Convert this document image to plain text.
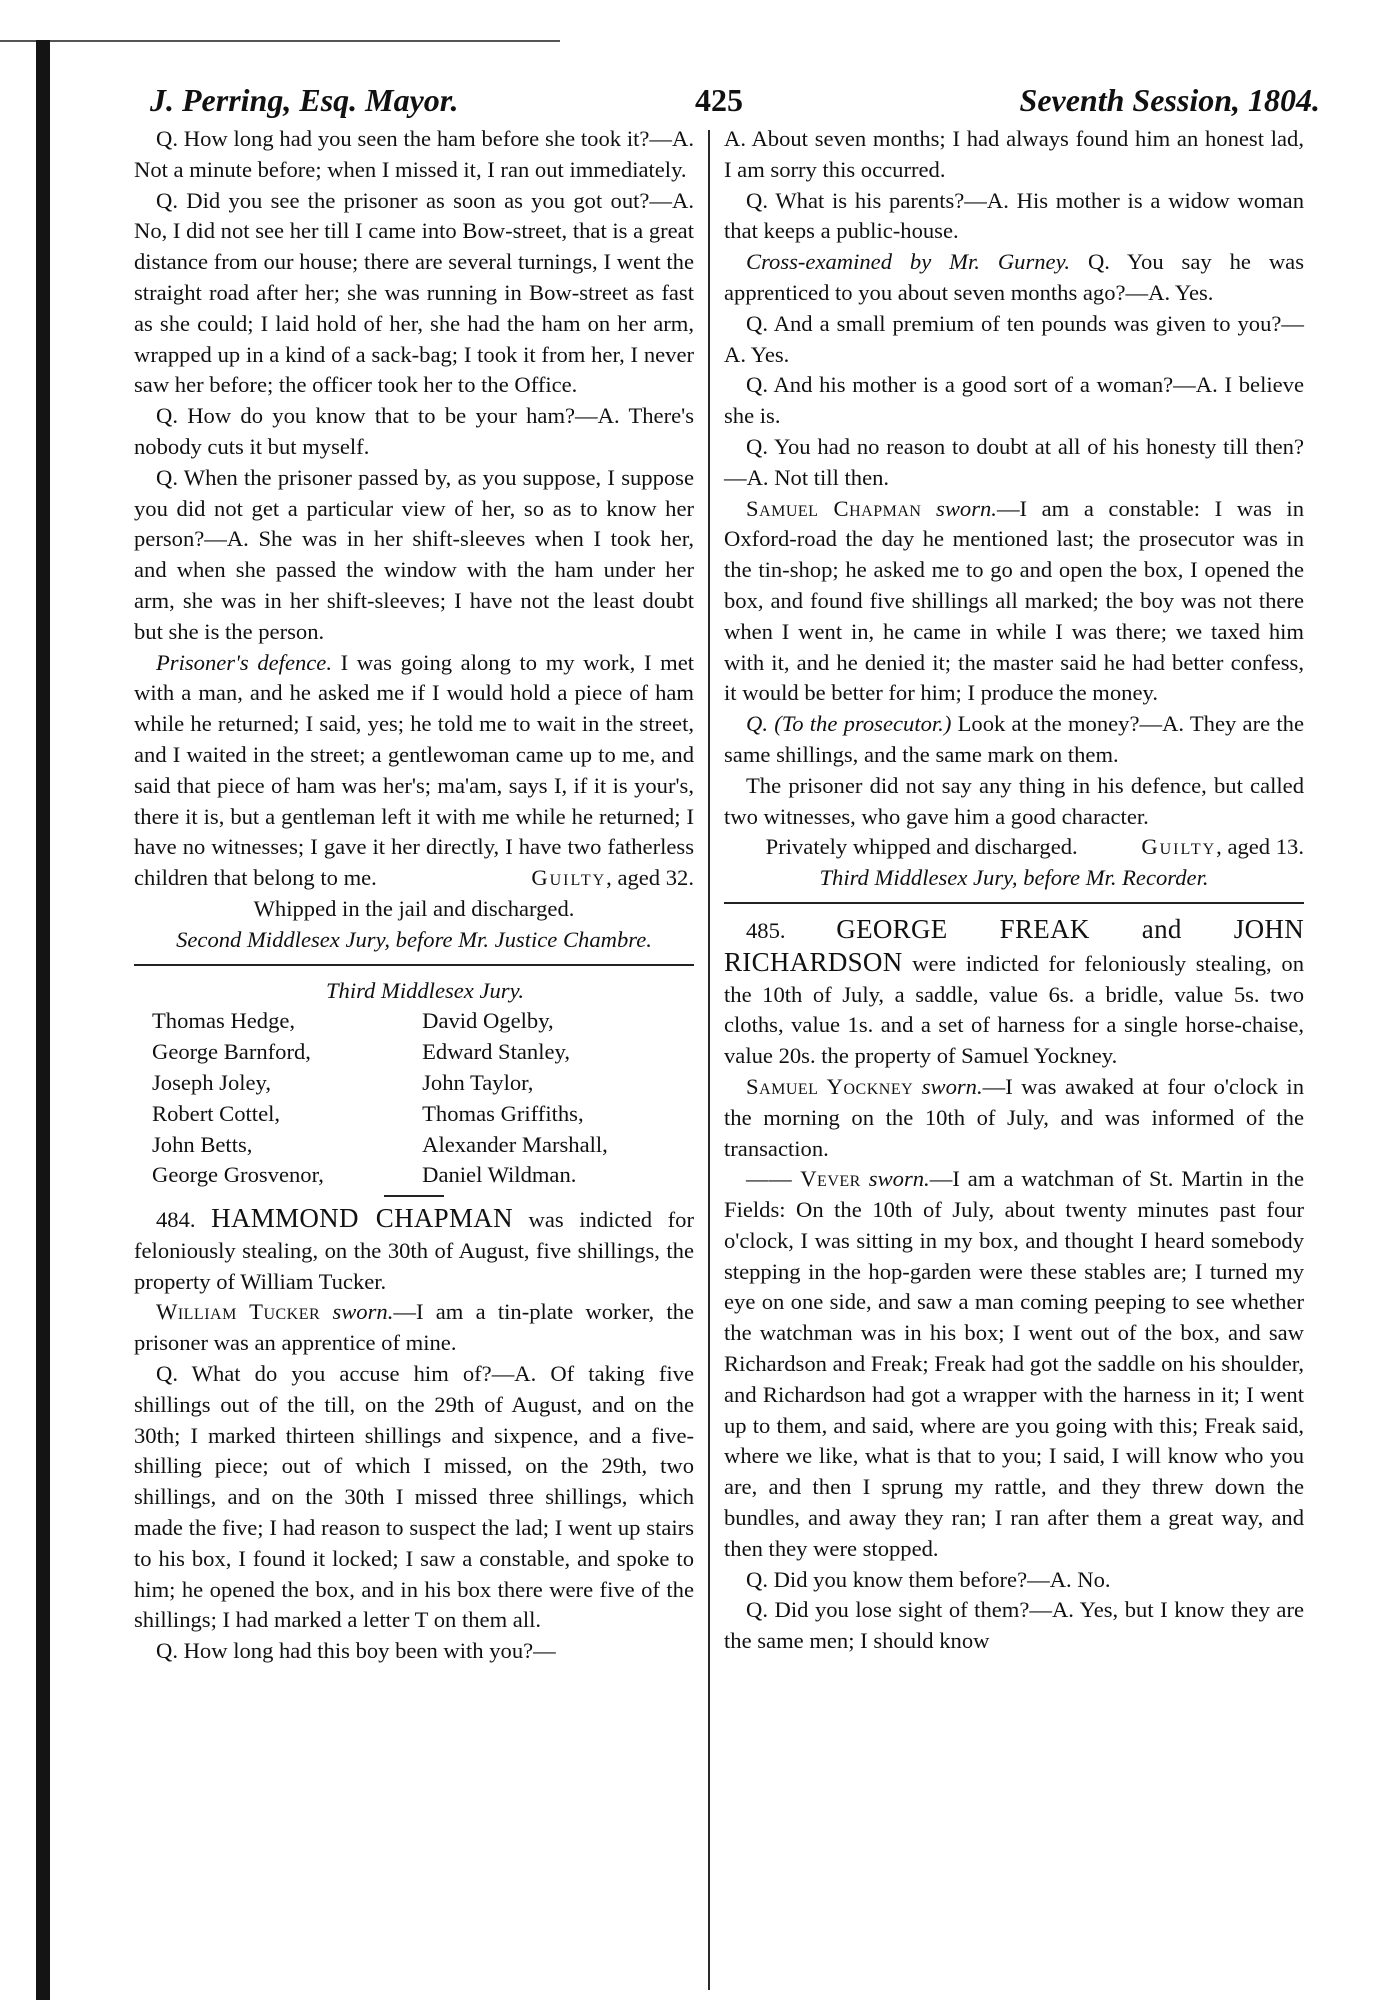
J. Perring, Esq. Mayor.	425	Seventh Session, 1804.

Q. How long had you seen the ham before she took it?—A. Not a minute before; when I missed it, I ran out immediately.

Q. Did you see the prisoner as soon as you got out?—A. No, I did not see her till I came into Bow-street, that is a great distance from our house; there are several turnings, I went the straight road after her; she was running in Bow-street as fast as she could; I laid hold of her, she had the ham on her arm, wrapped up in a kind of a sack-bag; I took it from her, I never saw her before; the officer took her to the Office.

Q. How do you know that to be your ham?—A. There's nobody cuts it but myself.

Q. When the prisoner passed by, as you suppose, I suppose you did not get a particular view of her, so as to know her person?—A. She was in her shift-sleeves when I took her, and when she passed the window with the ham under her arm, she was in her shift-sleeves; I have not the least doubt but she is the person.

Prisoner's defence. I was going along to my work, I met with a man, and he asked me if I would hold a piece of ham while he returned; I said, yes; he told me to wait in the street, and I waited in the street; a gentlewoman came up to me, and said that piece of ham was her's; ma'am, says I, if it is your's, there it is, but a gentleman left it with me while he returned; I have no witnesses; I gave it her directly, I have two fatherless children that belong to me.	Guilty, aged 32.

Whipped in the jail and discharged.

Second Middlesex Jury, before Mr. Justice Chambre.

Third Middlesex Jury.

Thomas Hedge,	David Ogelby,
George Barnford,	Edward Stanley,
Joseph Joley,	John Taylor,
Robert Cottel,	Thomas Griffiths,
John Betts,	Alexander Marshall,
George Grosvenor,	Daniel Wildman.

484. HAMMOND CHAPMAN was indicted for feloniously stealing, on the 30th of August, five shillings, the property of William Tucker.

William Tucker sworn.—I am a tin-plate worker, the prisoner was an apprentice of mine.

Q. What do you accuse him of?—A. Of taking five shillings out of the till, on the 29th of August, and on the 30th; I marked thirteen shillings and sixpence, and a five-shilling piece; out of which I missed, on the 29th, two shillings, and on the 30th I missed three shillings, which made the five; I had reason to suspect the lad; I went up stairs to his box, I found it locked; I saw a constable, and spoke to him; he opened the box, and in his box there were five of the shillings; I had marked a letter T on them all.

Q. How long had this boy been with you?—

A. About seven months; I had always found him an honest lad, I am sorry this occurred.

Q. What is his parents?—A. His mother is a widow woman that keeps a public-house.

Cross-examined by Mr. Gurney. Q. You say he was apprenticed to you about seven months ago?—A. Yes.

Q. And a small premium of ten pounds was given to you?—A. Yes.

Q. And his mother is a good sort of a woman?—A. I believe she is.

Q. You had no reason to doubt at all of his honesty till then?—A. Not till then.

Samuel Chapman sworn.—I am a constable: I was in Oxford-road the day he mentioned last; the prosecutor was in the tin-shop; he asked me to go and open the box, I opened the box, and found five shillings all marked; the boy was not there when I went in, he came in while I was there; we taxed him with it, and he denied it; the master said he had better confess, it would be better for him; I produce the money.

Q. (To the prosecutor.) Look at the money?—A. They are the same shillings, and the same mark on them.

The prisoner did not say any thing in his defence, but called two witnesses, who gave him a good character.
Guilty, aged 13.

Privately whipped and discharged.

Third Middlesex Jury, before Mr. Recorder.

485. GEORGE FREAK and JOHN RICHARDSON were indicted for feloniously stealing, on the 10th of July, a saddle, value 6s. a bridle, value 5s. two cloths, value 1s. and a set of harness for a single horse-chaise, value 20s. the property of Samuel Yockney.

Samuel Yockney sworn.—I was awaked at four o'clock in the morning on the 10th of July, and was informed of the transaction.

—— Vever sworn.—I am a watchman of St. Martin in the Fields: On the 10th of July, about twenty minutes past four o'clock, I was sitting in my box, and thought I heard somebody stepping in the hop-garden were these stables are; I turned my eye on one side, and saw a man coming peeping to see whether the watchman was in his box; I went out of the box, and saw Richardson and Freak; Freak had got the saddle on his shoulder, and Richardson had got a wrapper with the harness in it; I went up to them, and said, where are you going with this; Freak said, where we like, what is that to you; I said, I will know who you are, and then I sprung my rattle, and they threw down the bundles, and away they ran; I ran after them a great way, and then they were stopped.

Q. Did you know them before?—A. No.

Q. Did you lose sight of them?—A. Yes, but I know they are the same men; I should know
